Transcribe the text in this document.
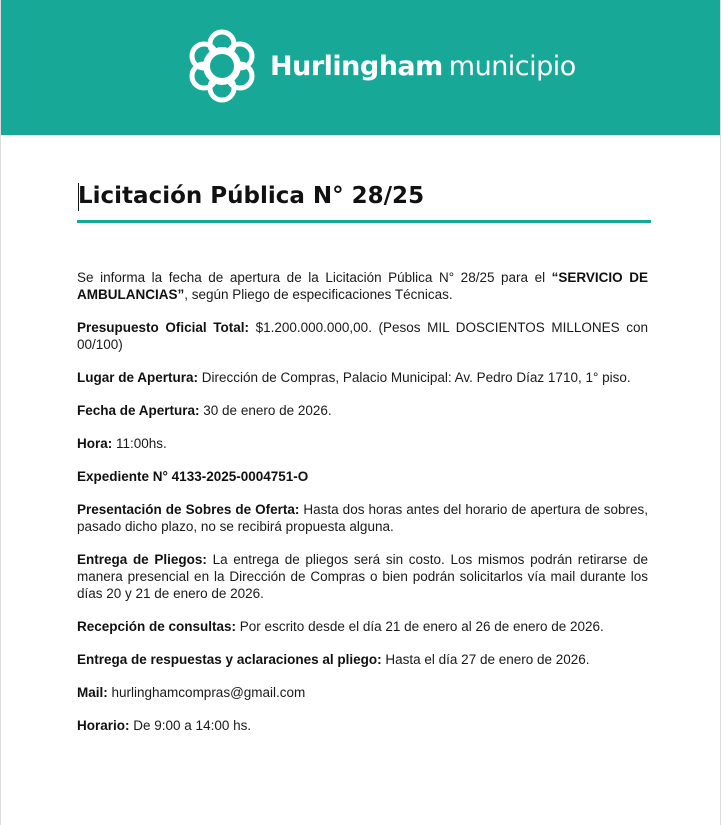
Hurlingham municipio
Licitación Pública N° 28/25

Se informa la fecha de apertura de la Licitación Pública N° 28/25 para el “SERVICIO DE AMBULANCIAS”, según Pliego de especificaciones Técnicas.

Presupuesto Oficial Total: $1.200.000.000,00. (Pesos MIL DOSCIENTOS MILLONES con 00/100)

Lugar de Apertura: Dirección de Compras, Palacio Municipal: Av. Pedro Díaz 1710, 1° piso.

Fecha de Apertura: 30 de enero de 2026.

Hora: 11:00hs.

Expediente N° 4133-2025-0004751-O

Presentación de Sobres de Oferta: Hasta dos horas antes del horario de apertura de sobres, pasado dicho plazo, no se recibirá propuesta alguna.

Entrega de Pliegos: La entrega de pliegos será sin costo. Los mismos podrán retirarse de manera presencial en la Dirección de Compras o bien podrán solicitarlos vía mail durante los días 20 y 21 de enero de 2026.

Recepción de consultas: Por escrito desde el día 21 de enero al 26 de enero de 2026.

Entrega de respuestas y aclaraciones al pliego: Hasta el día 27 de enero de 2026.

Mail: hurlinghamcompras@gmail.com

Horario: De 9:00 a 14:00 hs.
